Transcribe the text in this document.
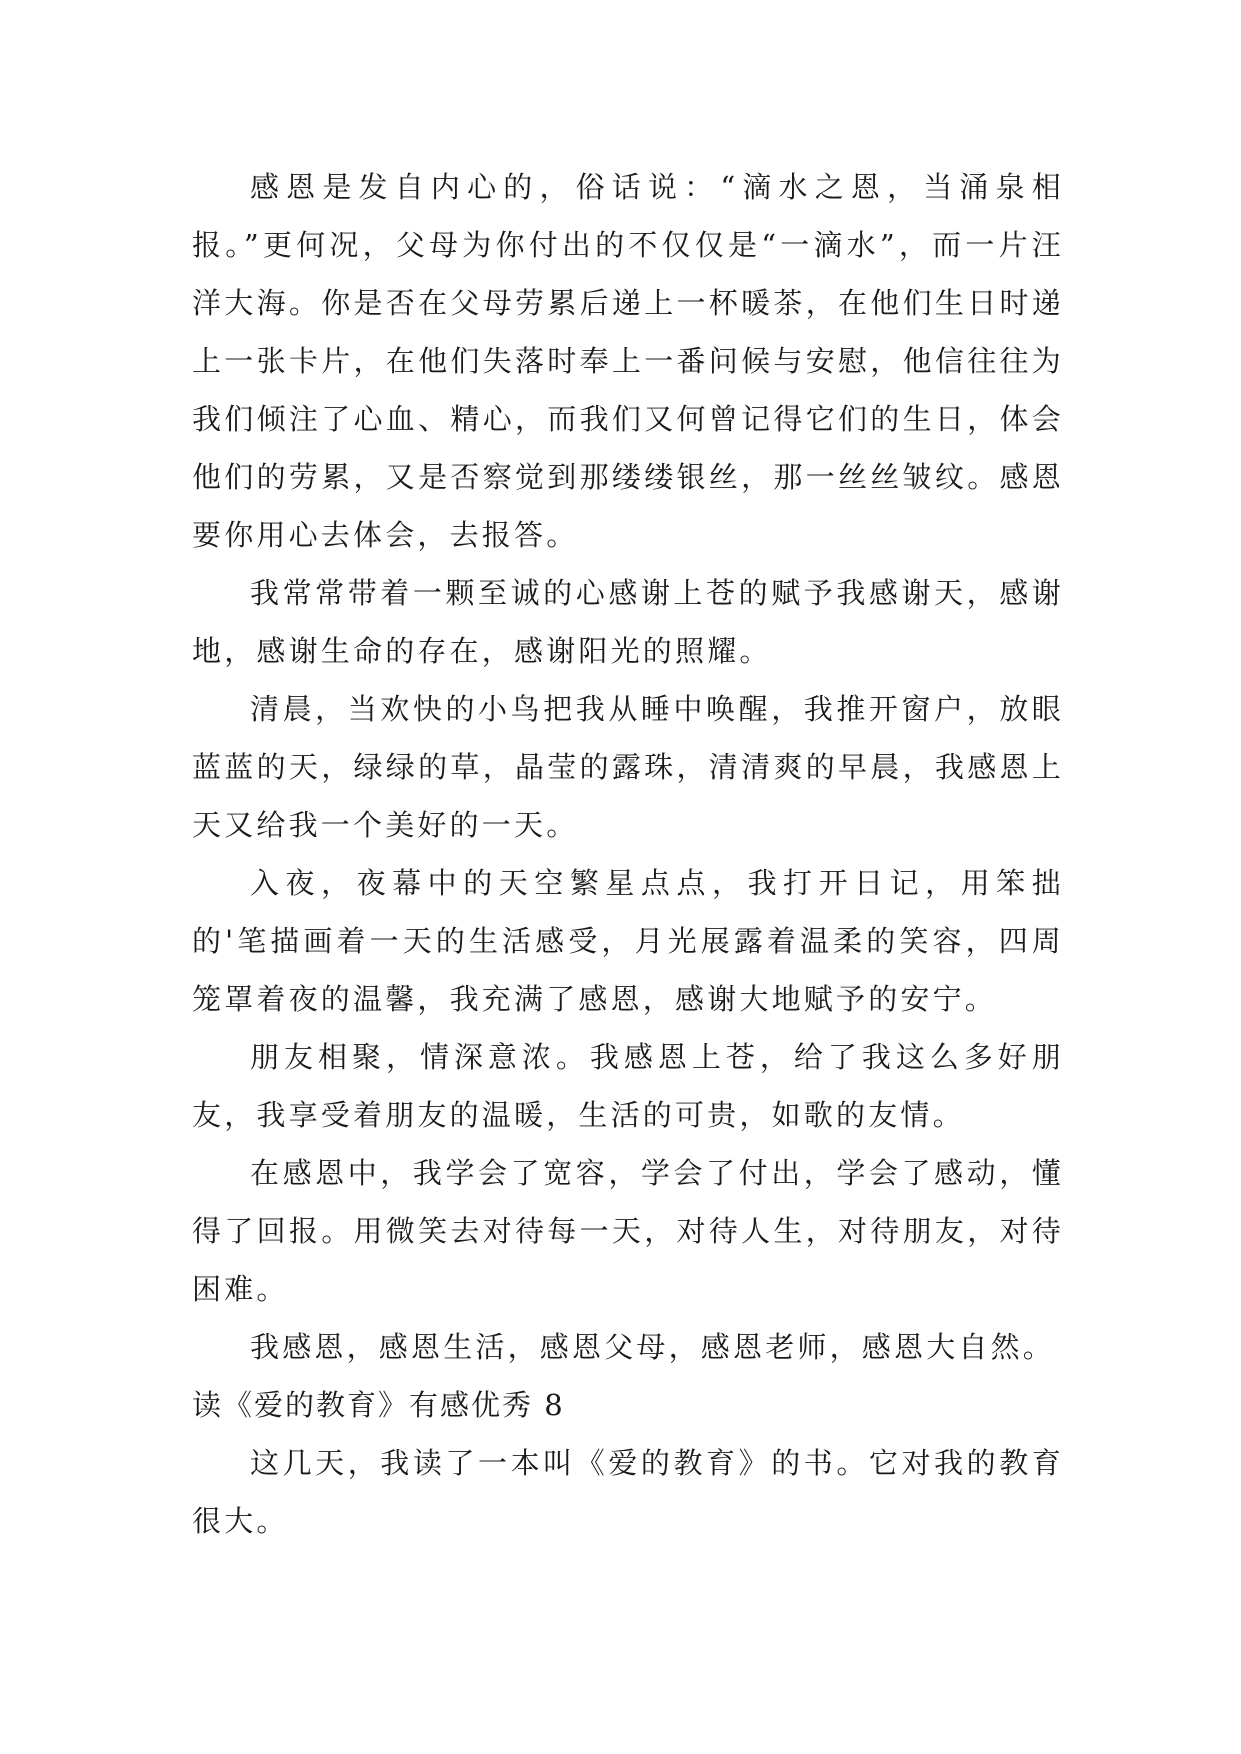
感恩是发自内心的，俗话说：“滴水之恩，当涌泉相报。”更何况，父母为你付出的不仅仅是“一滴水”，而一片汪洋大海。你是否在父母劳累后递上一杯暖茶，在他们生日时递上一张卡片，在他们失落时奉上一番问候与安慰，他信往往为我们倾注了心血、精心，而我们又何曾记得它们的生日，体会他们的劳累，又是否察觉到那缕缕银丝，那一丝丝皱纹。感恩要你用心去体会，去报答。

我常常带着一颗至诚的心感谢上苍的赋予我感谢天，感谢地，感谢生命的存在，感谢阳光的照耀。

清晨，当欢快的小鸟把我从睡中唤醒，我推开窗户，放眼蓝蓝的天，绿绿的草，晶莹的露珠，清清爽的早晨，我感恩上天又给我一个美好的一天。

入夜，夜幕中的天空繁星点点，我打开日记，用笨拙的'笔描画着一天的生活感受，月光展露着温柔的笑容，四周笼罩着夜的温馨，我充满了感恩，感谢大地赋予的安宁。

朋友相聚，情深意浓。我感恩上苍，给了我这么多好朋友，我享受着朋友的温暖，生活的可贵，如歌的友情。

在感恩中，我学会了宽容，学会了付出，学会了感动，懂得了回报。用微笑去对待每一天，对待人生，对待朋友，对待困难。

我感恩，感恩生活，感恩父母，感恩老师，感恩大自然。

读《爱的教育》有感优秀 8

这几天，我读了一本叫《爱的教育》的书。它对我的教育很大。
